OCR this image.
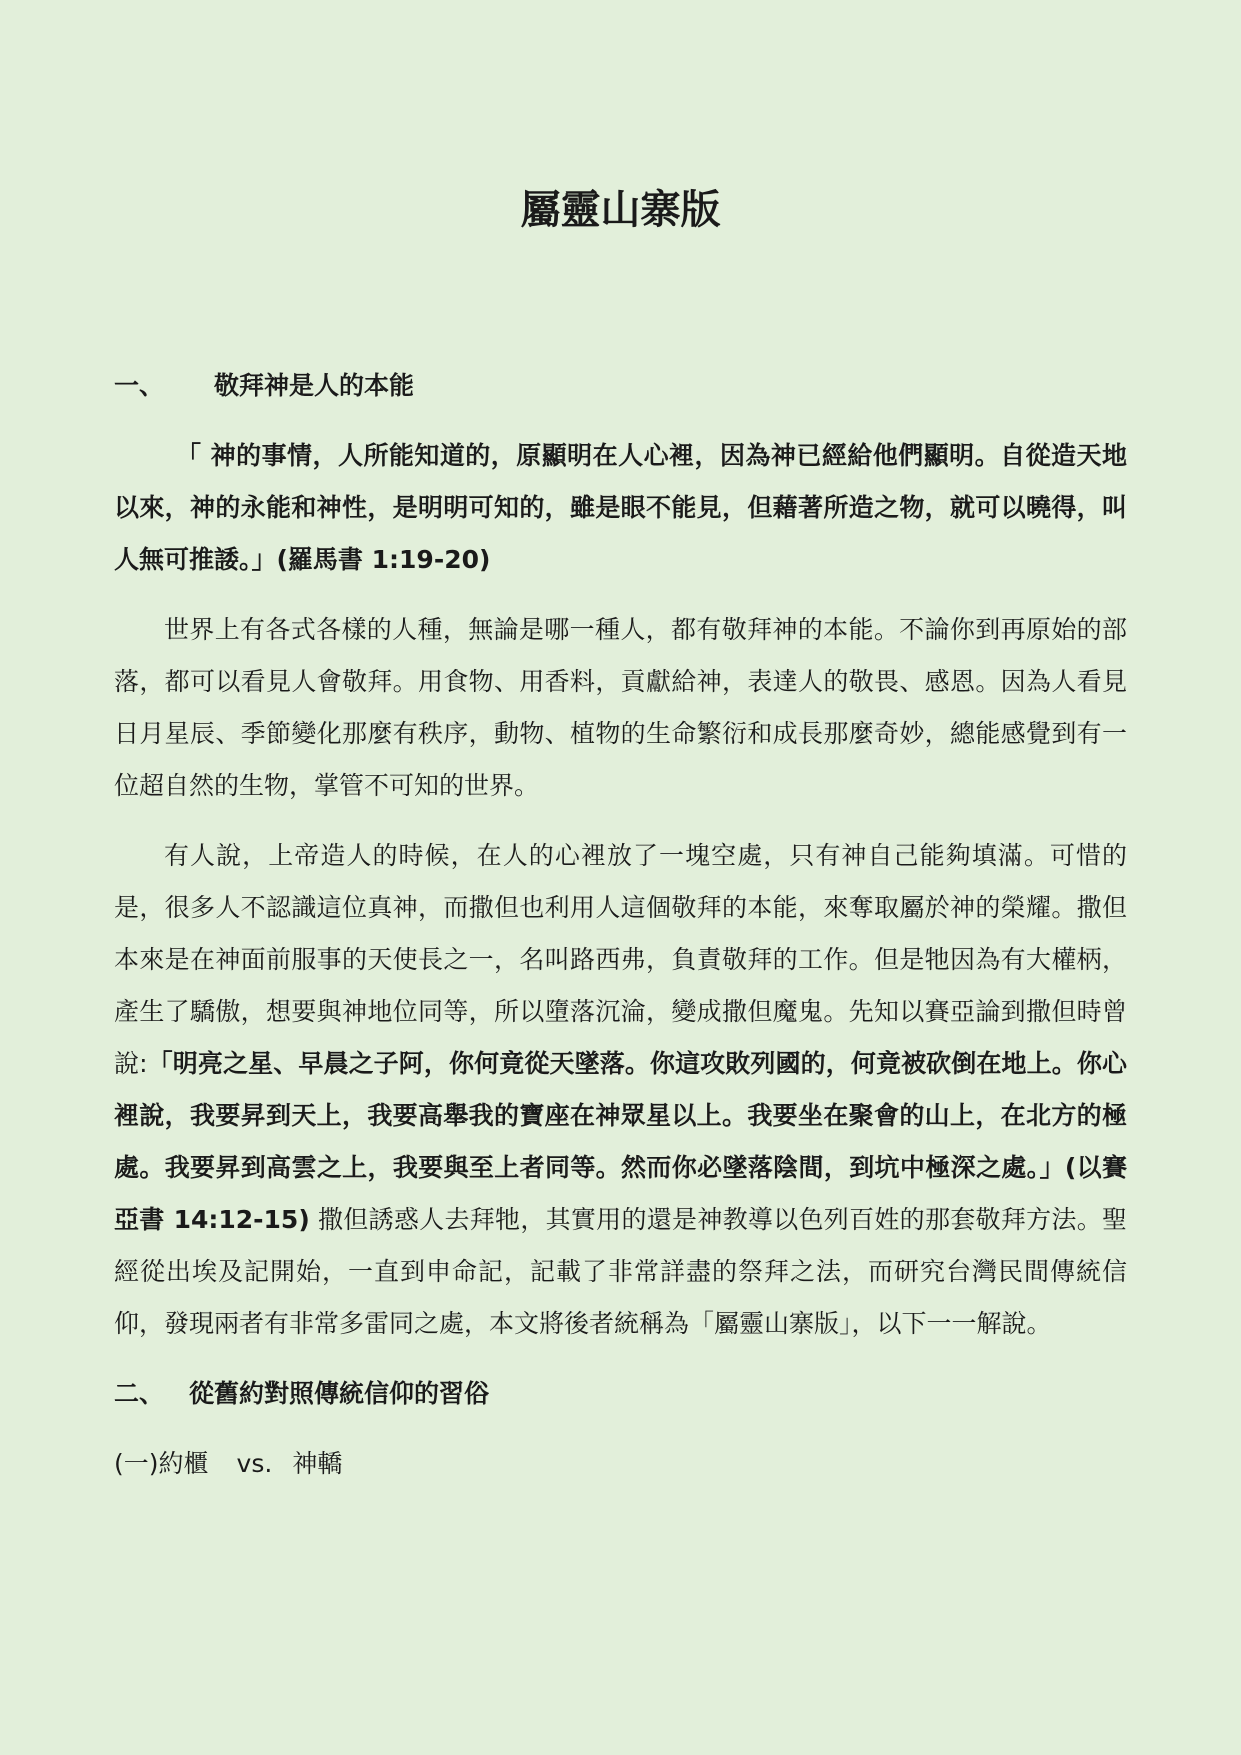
屬靈山寨版
一、 敬拜神是人的本能

「 神的事情，人所能知道的，原顯明在人心裡，因為神已經給他們顯明。自從造天地以來，神的永能和神性，是明明可知的，雖是眼不能見，但藉著所造之物，就可以曉得，叫人無可推諉。」(羅馬書 1:19-20)

世界上有各式各樣的人種，無論是哪一種人，都有敬拜神的本能。不論你到再原始的部落，都可以看見人會敬拜。用食物、用香料，貢獻給神，表達人的敬畏、感恩。因為人看見日月星辰、季節變化那麼有秩序，動物、植物的生命繁衍和成長那麼奇妙，總能感覺到有一位超自然的生物，掌管不可知的世界。

有人說，上帝造人的時候，在人的心裡放了一塊空處，只有神自己能夠填滿。可惜的是，很多人不認識這位真神，而撒但也利用人這個敬拜的本能，來奪取屬於神的榮耀。撒但本來是在神面前服事的天使長之一，名叫路西弗，負責敬拜的工作。但是牠因為有大權柄，產生了驕傲，想要與神地位同等，所以墮落沉淪，變成撒但魔鬼。先知以賽亞論到撒但時曾說:「明亮之星、早晨之子阿，你何竟從天墜落。你這攻敗列國的，何竟被砍倒在地上。你心裡說，我要昇到天上，我要高舉我的寶座在神眾星以上。我要坐在聚會的山上，在北方的極處。我要昇到高雲之上，我要與至上者同等。然而你必墜落陰間，到坑中極深之處。」(以賽亞書 14:12-15) 撒但誘惑人去拜牠，其實用的還是神教導以色列百姓的那套敬拜方法。聖經從出埃及記開始，一直到申命記，記載了非常詳盡的祭拜之法，而研究台灣民間傳統信仰，發現兩者有非常多雷同之處，本文將後者統稱為「屬靈山寨版」，以下一一解說。

二、 從舊約對照傳統信仰的習俗
(一)約櫃 vs. 神轎
